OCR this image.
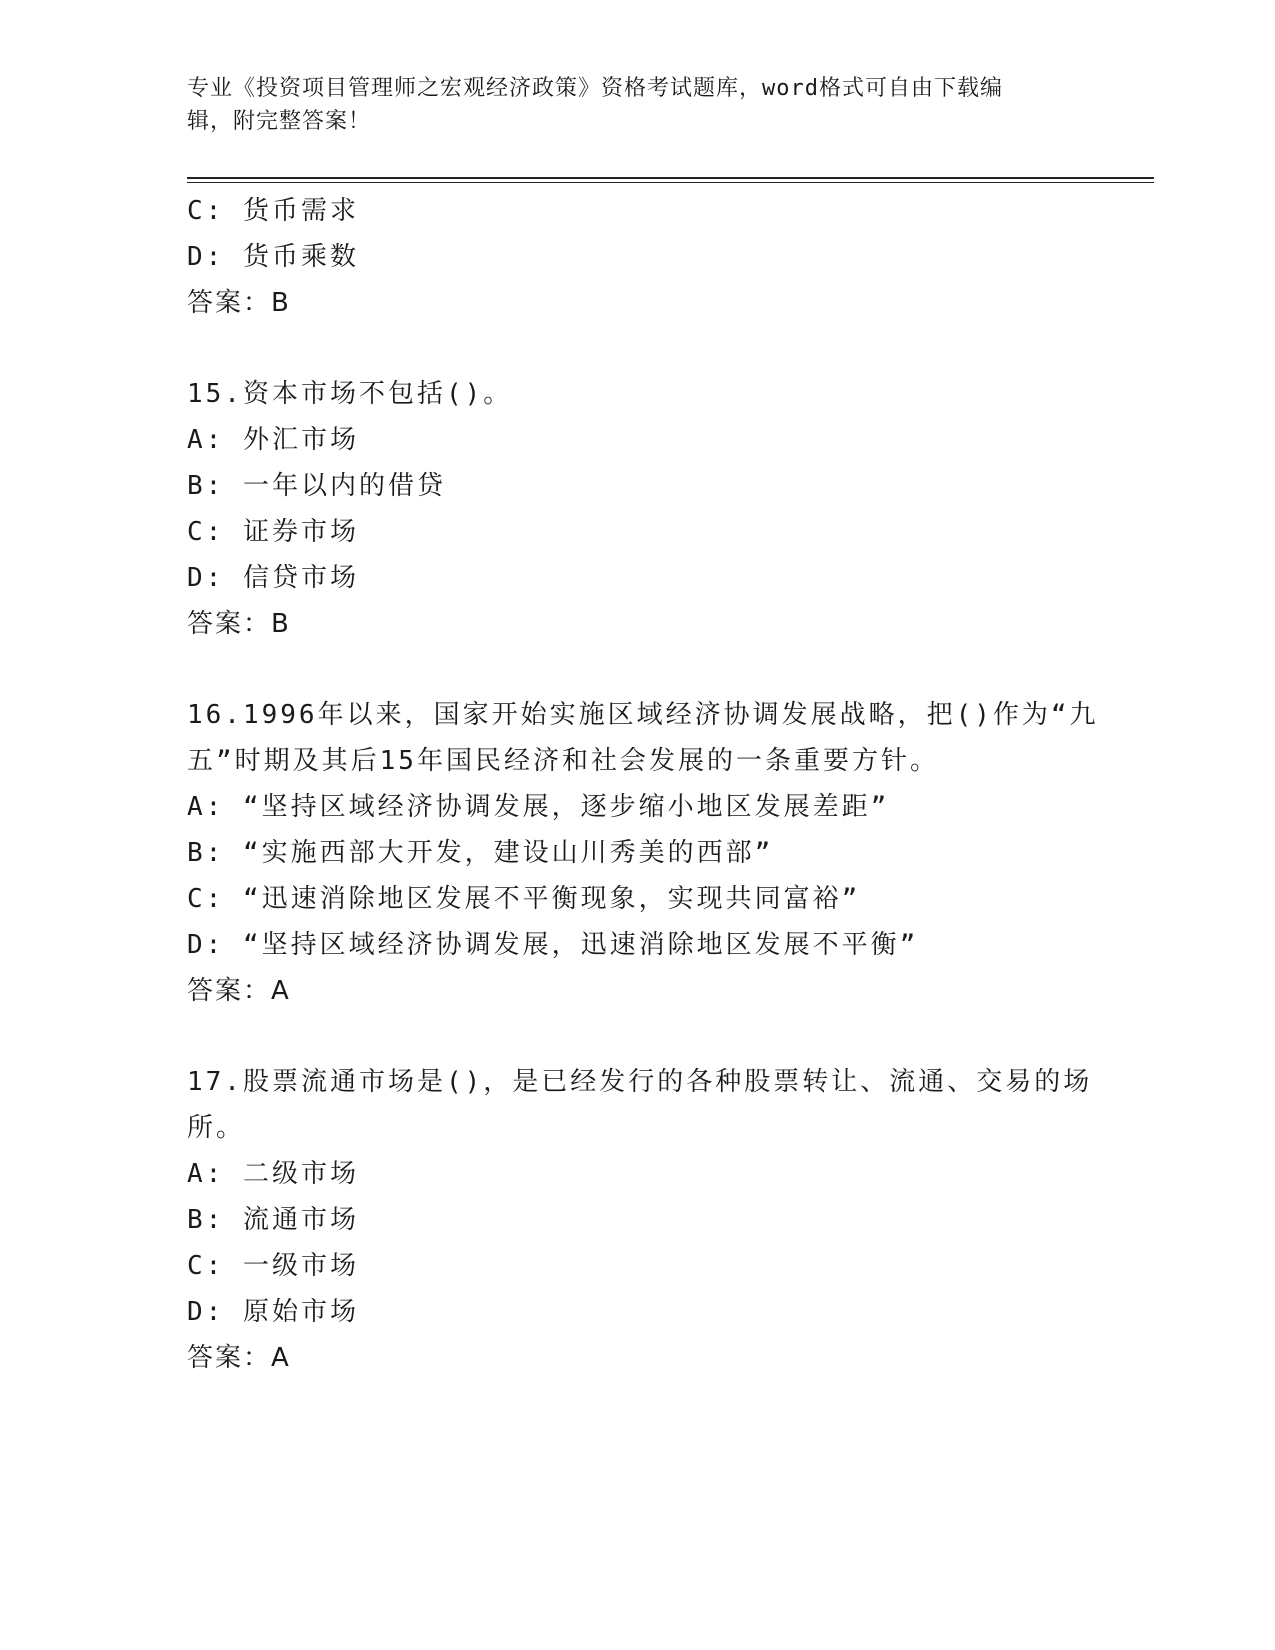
专业《投资项目管理师之宏观经济政策》资格考试题库，word格式可自由下载编
辑，附完整答案！
C: 货币需求
D: 货币乘数
答案：B
15.资本市场不包括()。
A: 外汇市场
B: 一年以内的借贷
C: 证券市场
D: 信贷市场
答案：B
16.1996年以来，国家开始实施区域经济协调发展战略，把()作为“九
五”时期及其后15年国民经济和社会发展的一条重要方针。
A: “坚持区域经济协调发展，逐步缩小地区发展差距”
B: “实施西部大开发，建设山川秀美的西部”
C: “迅速消除地区发展不平衡现象，实现共同富裕”
D: “坚持区域经济协调发展，迅速消除地区发展不平衡”
答案：A
17.股票流通市场是()，是已经发行的各种股票转让、流通、交易的场
所。
A: 二级市场
B: 流通市场
C: 一级市场
D: 原始市场
答案：A
